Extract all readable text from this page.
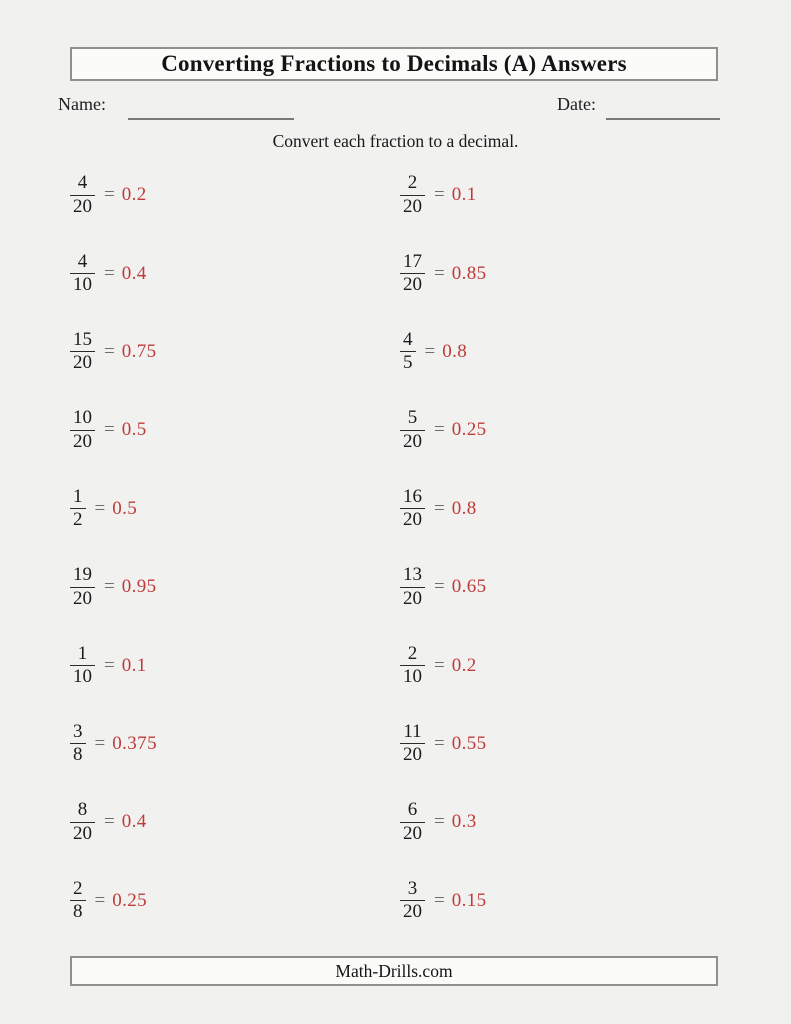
Converting Fractions to Decimals (A) Answers
Name:	Date:
Convert each fraction to a decimal.
$\frac{4}{20} = 0.2$	$\frac{2}{20} = 0.1$
$\frac{4}{10} = 0.4$	$\frac{17}{20} = 0.85$
$\frac{15}{20} = 0.75$	$\frac{4}{5} = 0.8$
$\frac{10}{20} = 0.5$	$\frac{5}{20} = 0.25$
$\frac{1}{2} = 0.5$	$\frac{16}{20} = 0.8$
$\frac{19}{20} = 0.95$	$\frac{13}{20} = 0.65$
$\frac{1}{10} = 0.1$	$\frac{2}{10} = 0.2$
$\frac{3}{8} = 0.375$	$\frac{11}{20} = 0.55$
$\frac{8}{20} = 0.4$	$\frac{6}{20} = 0.3$
$\frac{2}{8} = 0.25$	$\frac{3}{20} = 0.15$
Math-Drills.com
